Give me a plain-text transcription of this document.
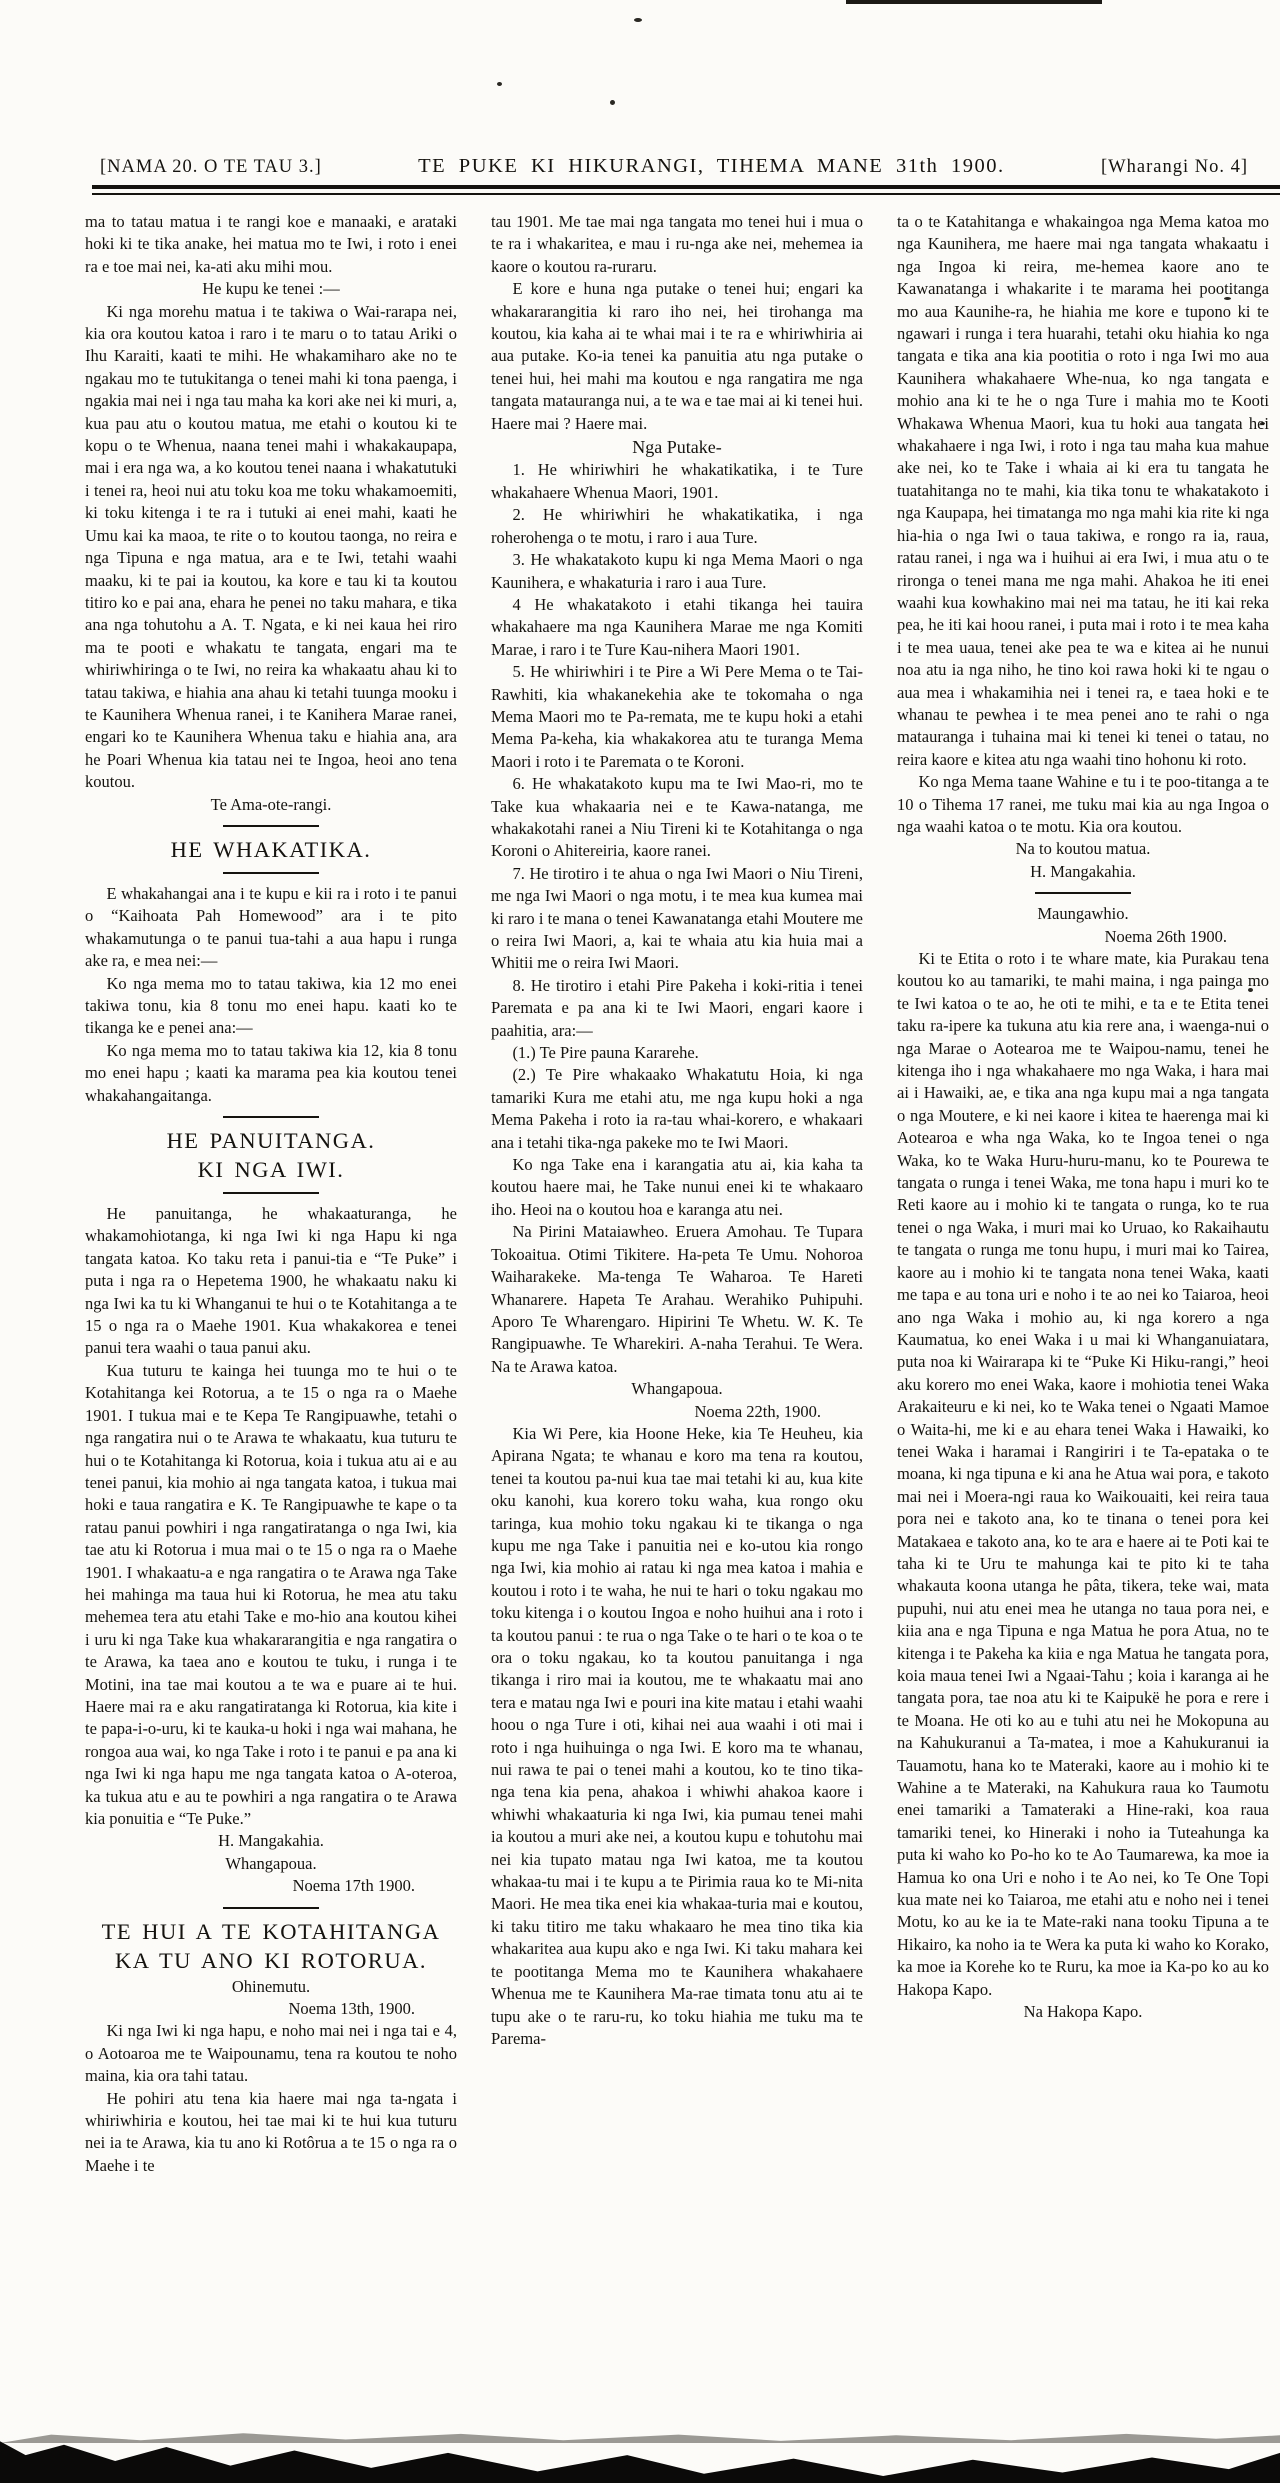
[NAMA 20. O TE TAU 3.]	TE PUKE KI HIKURANGI, TIHEMA MANE 31th 1900.	[Wharangi No. 4]
ma to tatau matua i te rangi koe e manaaki, e arataki hoki ki te tika anake, hei matua mo te Iwi, i roto i enei ra e toe mai nei, ka-ati aku mihi mou.
He kupu ke tenei :—
Ki nga morehu matua i te takiwa o Wai-rarapa nei, kia ora koutou katoa i raro i te maru o to tatau Ariki o Ihu Karaiti, kaati te mihi. He whakamiharo ake no te ngakau mo te tutukitanga o tenei mahi ki tona paenga, i ngakia mai nei i nga tau maha ka kori ake nei ki muri, a, kua pau atu o koutou matua, me etahi o koutou ki te kopu o te Whenua, naana tenei mahi i whakakaupapa, mai i era nga wa, a ko koutou tenei naana i whakatutuki i tenei ra, heoi nui atu toku koa me toku whakamoemiti, ki toku kitenga i te ra i tutuki ai enei mahi, kaati he Umu kai ka maoa, te rite o to koutou taonga, no reira e nga Tipuna e nga matua, ara e te Iwi, tetahi waahi maaku, ki te pai ia koutou, ka kore e tau ki ta koutou titiro ko e pai ana, ehara he penei no taku mahara, e tika ana nga tohutohu a A. T. Ngata, e ki nei kaua hei riro ma te pooti e whakatu te tangata, engari ma te whiriwhiringa o te Iwi, no reira ka whakaatu ahau ki to tatau takiwa, e hiahia ana ahau ki tetahi tuunga mooku i te Kaunihera Whenua ranei, i te Kanihera Marae ranei, engari ko te Kaunihera Whenua taku e hiahia ana, ara he Poari Whenua kia tatau nei te Ingoa, heoi ano tena koutou.
Te Ama-ote-rangi.
HE WHAKATIKA.
E whakahangai ana i te kupu e kii ra i roto i te panui o “Kaihoata Pah Homewood” ara i te pito whakamutunga o te panui tua-tahi a aua hapu i runga ake ra, e mea nei:—
Ko nga mema mo to tatau takiwa, kia 12 mo enei takiwa tonu, kia 8 tonu mo enei hapu. kaati ko te tikanga ke e penei ana:—
Ko nga mema mo to tatau takiwa kia 12, kia 8 tonu mo enei hapu ; kaati ka marama pea kia koutou tenei whakahangaitanga.
HE PANUITANGA.
KI NGA IWI.
He panuitanga, he whakaaturanga, he whakamohiotanga, ki nga Iwi ki nga Hapu ki nga tangata katoa. Ko taku reta i panui-tia e “Te Puke” i puta i nga ra o Hepetema 1900, he whakaatu naku ki nga Iwi ka tu ki Whanganui te hui o te Kotahitanga a te 15 o nga ra o Maehe 1901. Kua whakakorea e tenei panui tera waahi o taua panui aku.
Kua tuturu te kainga hei tuunga mo te hui o te Kotahitanga kei Rotorua, a te 15 o nga ra o Maehe 1901. I tukua mai e te Kepa Te Rangipuawhe, tetahi o nga rangatira nui o te Arawa te whakaatu, kua tuturu te hui o te Kotahitanga ki Rotorua, koia i tukua atu ai e au tenei panui, kia mohio ai nga tangata katoa, i tukua mai hoki e taua rangatira e K. Te Rangipuawhe te kape o ta ratau panui powhiri i nga rangatiratanga o nga Iwi, kia tae atu ki Rotorua i mua mai o te 15 o nga ra o Maehe 1901. I whakaatu-a e nga rangatira o te Arawa nga Take hei mahinga ma taua hui ki Rotorua, he mea atu taku mehemea tera atu etahi Take e mo-hio ana koutou kihei i uru ki nga Take kua whakararangitia e nga rangatira o te Arawa, ka taea ano e koutou te tuku, i runga i te Motini, ina tae mai koutou a te wa e puare ai te hui. Haere mai ra e aku rangatiratanga ki Rotorua, kia kite i te papa-i-o-uru, ki te kauka-u hoki i nga wai mahana, he rongoa aua wai, ko nga Take i roto i te panui e pa ana ki nga Iwi ki nga hapu me nga tangata katoa o A-oteroa, ka tukua atu e au te powhiri a nga rangatira o te Arawa kia ponuitia e “Te Puke.”
H. Mangakahia.
Whangapoua.
Noema 17th 1900.
TE HUI A TE KOTAHITANGA
KA TU ANO KI ROTORUA.
Ohinemutu.
Noema 13th, 1900.
Ki nga Iwi ki nga hapu, e noho mai nei i nga tai e 4, o Aotoaroa me te Waipounamu, tena ra koutou te noho maina, kia ora tahi tatau.
He pohiri atu tena kia haere mai nga ta-ngata i whiriwhiria e koutou, hei tae mai ki te hui kua tuturu nei ia te Arawa, kia tu ano ki Rotôrua a te 15 o nga ra o Maehe i te
tau 1901. Me tae mai nga tangata mo tenei hui i mua o te ra i whakaritea, e mau i ru-nga ake nei, mehemea ia kaore o koutou ra-ruraru.
E kore e huna nga putake o tenei hui; engari ka whakararangitia ki raro iho nei, hei tirohanga ma koutou, kia kaha ai te whai mai i te ra e whiriwhiria ai aua putake. Ko-ia tenei ka panuitia atu nga putake o tenei hui, hei mahi ma koutou e nga rangatira me nga tangata matauranga nui, a te wa e tae mai ai ki tenei hui. Haere mai ? Haere mai.
Nga Putake-
1. He whiriwhiri he whakatikatika, i te Ture whakahaere Whenua Maori, 1901.
2. He whiriwhiri he whakatikatika, i nga roherohenga o te motu, i raro i aua Ture.
3. He whakatakoto kupu ki nga Mema Maori o nga Kaunihera, e whakaturia i raro i aua Ture.
4 He whakatakoto i etahi tikanga hei tauira whakahaere ma nga Kaunihera Marae me nga Komiti Marae, i raro i te Ture Kau-nihera Maori 1901.
5. He whiriwhiri i te Pire a Wi Pere Mema o te Tai-Rawhiti, kia whakanekehia ake te tokomaha o nga Mema Maori mo te Pa-remata, me te kupu hoki a etahi Mema Pa-keha, kia whakakorea atu te turanga Mema Maori i roto i te Paremata o te Koroni.
6. He whakatakoto kupu ma te Iwi Mao-ri, mo te Take kua whakaaria nei e te Kawa-natanga, me whakakotahi ranei a Niu Tireni ki te Kotahitanga o nga Koroni o Ahitereiria, kaore ranei.
7. He tirotiro i te ahua o nga Iwi Maori o Niu Tireni, me nga Iwi Maori o nga motu, i te mea kua kumea mai ki raro i te mana o tenei Kawanatanga etahi Moutere me o reira Iwi Maori, a, kai te whaia atu kia huia mai a Whitii me o reira Iwi Maori.
8. He tirotiro i etahi Pire Pakeha i koki-ritia i tenei Paremata e pa ana ki te Iwi Maori, engari kaore i paahitia, ara:—
(1.) Te Pire pauna Kararehe.
(2.) Te Pire whakaako Whakatutu Hoia, ki nga tamariki Kura me etahi atu, me nga kupu hoki a nga Mema Pakeha i roto ia ra-tau whai-korero, e whakaari ana i tetahi tika-nga pakeke mo te Iwi Maori.
Ko nga Take ena i karangatia atu ai, kia kaha ta koutou haere mai, he Take nunui enei ki te whakaaro iho. Heoi na o koutou hoa e karanga atu nei.
Na Pirini Mataiawheo. Eruera Amohau. Te Tupara Tokoaitua. Otimi Tikitere. Ha-peta Te Umu. Nohoroa Waiharakeke. Ma-tenga Te Waharoa. Te Hareti Whanarere. Hapeta Te Arahau. Werahiko Puhipuhi. Aporo Te Wharengaro. Hipirini Te Whetu. W. K. Te Rangipuawhe. Te Wharekiri. A-naha Terahui. Te Wera. Na te Arawa katoa.
Whangapoua.
Noema 22th, 1900.
Kia Wi Pere, kia Hoone Heke, kia Te Heuheu, kia Apirana Ngata; te whanau e koro ma tena ra koutou, tenei ta koutou pa-nui kua tae mai tetahi ki au, kua kite oku kanohi, kua korero toku waha, kua rongo oku taringa, kua mohio toku ngakau ki te tikanga o nga kupu me nga Take i panuitia nei e ko-utou kia rongo nga Iwi, kia mohio ai ratau ki nga mea katoa i mahia e koutou i roto i te waha, he nui te hari o toku ngakau mo toku kitenga i o koutou Ingoa e noho huihui ana i roto i ta koutou panui : te rua o nga Take o te hari o te koa o te ora o toku ngakau, ko ta koutou panuitanga i nga tikanga i riro mai ia koutou, me te whakaatu mai ano tera e matau nga Iwi e pouri ina kite matau i etahi waahi hoou o nga Ture i oti, kihai nei aua waahi i oti mai i roto i nga huihuinga o nga Iwi. E koro ma te whanau, nui rawa te pai o tenei mahi a koutou, ko te tino tika-nga tena kia pena, ahakoa i whiwhi ahakoa kaore i whiwhi whakaaturia ki nga Iwi, kia pumau tenei mahi ia koutou a muri ake nei, a koutou kupu e tohutohu mai nei kia tupato matau nga Iwi katoa, me ta koutou whakaa-tu mai i te kupu a te Pirimia raua ko te Mi-nita Maori. He mea tika enei kia whakaa-turia mai e koutou, ki taku titiro me taku whakaaro he mea tino tika kia whakaritea aua kupu ako e nga Iwi. Ki taku mahara kei te pootitanga Mema mo te Kaunihera whakahaere Whenua me te Kaunihera Ma-rae timata tonu atu ai te tupu ake o te raru-ru, ko toku hiahia me tuku ma te Parema-
ta o te Katahitanga e whakaingoa nga Mema katoa mo nga Kaunihera, me haere mai nga tangata whakaatu i nga Ingoa ki reira, me-hemea kaore ano te Kawanatanga i whakarite i te marama hei pootitanga mo aua Kaunihe-ra, he hiahia me kore e tupono ki te ngawari i runga i tera huarahi, tetahi oku hiahia ko nga tangata e tika ana kia pootitia o roto i nga Iwi mo aua Kaunihera whakahaere Whe-nua, ko nga tangata e mohio ana ki te he o nga Ture i mahia mo te Kooti Whakawa Whenua Maori, kua tu hoki aua tangata hei whakahaere i nga Iwi, i roto i nga tau maha kua mahue ake nei, ko te Take i whaia ai ki era tu tangata he tuatahitanga no te mahi, kia tika tonu te whakatakoto i nga Kaupapa, hei timatanga mo nga mahi kia rite ki nga hia-hia o nga Iwi o taua takiwa, e rongo ra ia, raua, ratau ranei, i nga wa i huihui ai era Iwi, i mua atu o te rironga o tenei mana me nga mahi. Ahakoa he iti enei waahi kua kowhakino mai nei ma tatau, he iti kai reka pea, he iti kai hoou ranei, i puta mai i roto i te mea kaha i te mea uaua, tenei ake pea te wa e kitea ai he nunui noa atu ia nga niho, he tino koi rawa hoki ki te ngau o aua mea i whakamihia nei i tenei ra, e taea hoki e te whanau te pewhea i te mea penei ano te rahi o nga matauranga i tuhaina mai ki tenei ki tenei o tatau, no reira kaore e kitea atu nga waahi tino hohonu ki roto.
Ko nga Mema taane Wahine e tu i te poo-titanga a te 10 o Tihema 17 ranei, me tuku mai kia au nga Ingoa o nga waahi katoa o te motu. Kia ora koutou.
Na to koutou matua.
H. Mangakahia.
Maungawhio.
Noema 26th 1900.
Ki te Etita o roto i te whare mate, kia Purakau tena koutou ko au tamariki, te mahi maina, i nga painga mo te Iwi katoa o te ao, he oti te mihi, e ta e te Etita tenei taku ra-ipere ka tukuna atu kia rere ana, i waenga-nui o nga Marae o Aotearoa me te Waipou-namu, tenei he kitenga iho i nga whakahaere mo nga Waka, i hara mai ai i Hawaiki, ae, e tika ana nga kupu mai a nga tangata o nga Moutere, e ki nei kaore i kitea te haerenga mai ki Aotearoa e wha nga Waka, ko te Ingoa tenei o nga Waka, ko te Waka Huru-huru-manu, ko te Pourewa te tangata o runga i tenei Waka, me tona hapu i muri ko te Reti kaore au i mohio ki te tangata o runga, ko te rua tenei o nga Waka, i muri mai ko Uruao, ko Rakaihautu te tangata o runga me tonu hupu, i muri mai ko Tairea, kaore au i mohio ki te tangata nona tenei Waka, kaati me tapa e au tona uri e noho i te ao nei ko Taiaroa, heoi ano nga Waka i mohio au, ki nga korero a nga Kaumatua, ko enei Waka i u mai ki Whanganuiatara, puta noa ki Wairarapa ki te “Puke Ki Hiku-rangi,” heoi aku korero mo enei Waka, kaore i mohiotia tenei Waka Arakaiteuru e ki nei, ko te Waka tenei o Ngaati Mamoe o Waita-hi, me ki e au ehara tenei Waka i Hawaiki, ko tenei Waka i haramai i Rangiriri i te Ta-epataka o te moana, ki nga tipuna e ki ana he Atua wai pora, e takoto mai nei i Moera-ngi raua ko Waikouaiti, kei reira taua pora nei e takoto ana, ko te tinana o tenei pora kei Matakaea e takoto ana, ko te ara e haere ai te Poti kai te taha ki te Uru te mahunga kai te pito ki te taha whakauta koona utanga he pâta, tikera, teke wai, mata pupuhi, nui atu enei mea he utanga no taua pora nei, e kiia ana e nga Tipuna e nga Matua he pora Atua, no te kitenga i te Pakeha ka kiia e nga Matua he tangata pora, koia maua tenei Iwi a Ngaai-Tahu ; koia i karanga ai he tangata pora, tae noa atu ki te Kaipukë he pora e rere i te Moana. He oti ko au e tuhi atu nei he Mokopuna au na Kahukuranui a Ta-matea, i moe a Kahukuranui ia Tauamotu, hana ko te Materaki, kaore au i mohio ki te Wahine a te Materaki, na Kahukura raua ko Taumotu enei tamariki a Tamateraki a Hine-raki, koa raua tamariki tenei, ko Hineraki i noho ia Tuteahunga ka puta ki waho ko Po-ho ko te Ao Taumarewa, ka moe ia Hamua ko ona Uri e noho i te Ao nei, ko Te One Topi kua mate nei ko Taiaroa, me etahi atu e noho nei i tenei Motu, ko au ke ia te Mate-raki nana tooku Tipuna a te Hikairo, ka noho ia te Wera ka puta ki waho ko Korako, ka moe ia Korehe ko te Ruru, ka moe ia Ka-po ko au ko Hakopa Kapo.
Na Hakopa Kapo.
